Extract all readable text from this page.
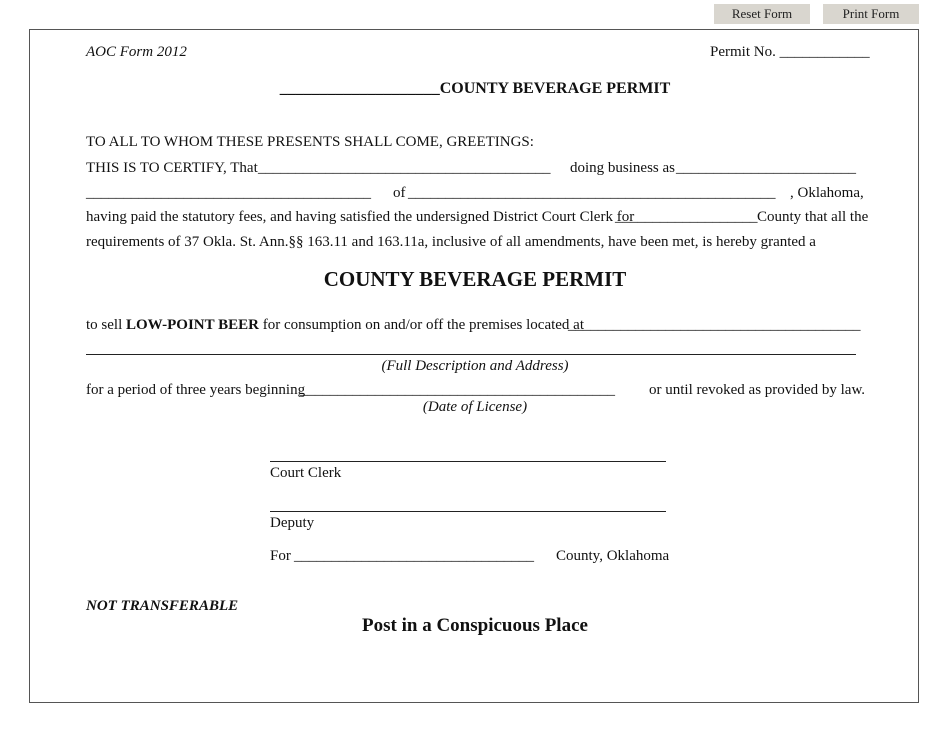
Reset Form	Print Form
AOC Form 2012	Permit No. ____________
____________________COUNTY BEVERAGE PERMIT
TO ALL TO WHOM THESE PRESENTS SHALL COME, GREETINGS:
THIS IS TO CERTIFY, That _______________________________________ doing business as ________________________
______________________________________ of _________________________________________________ , Oklahoma,
having paid the statutory fees, and having satisfied the undersigned District Court Clerk for
___________________ County that all the
requirements of 37 Okla. St. Ann.§§ 163.11 and 163.11a, inclusive of all amendments, have been met, is hereby granted a
COUNTY BEVERAGE PERMIT
to sell LOW-POINT BEER for consumption on and/or off the premises located at
_______________________________________
(Full Description and Address)
for a period of three years beginning
__________________________________________ or until revoked as provided by law.
(Date of License)
Court Clerk
Deputy
For ________________________________ County, Oklahoma
NOT TRANSFERABLE
Post in a Conspicuous Place
